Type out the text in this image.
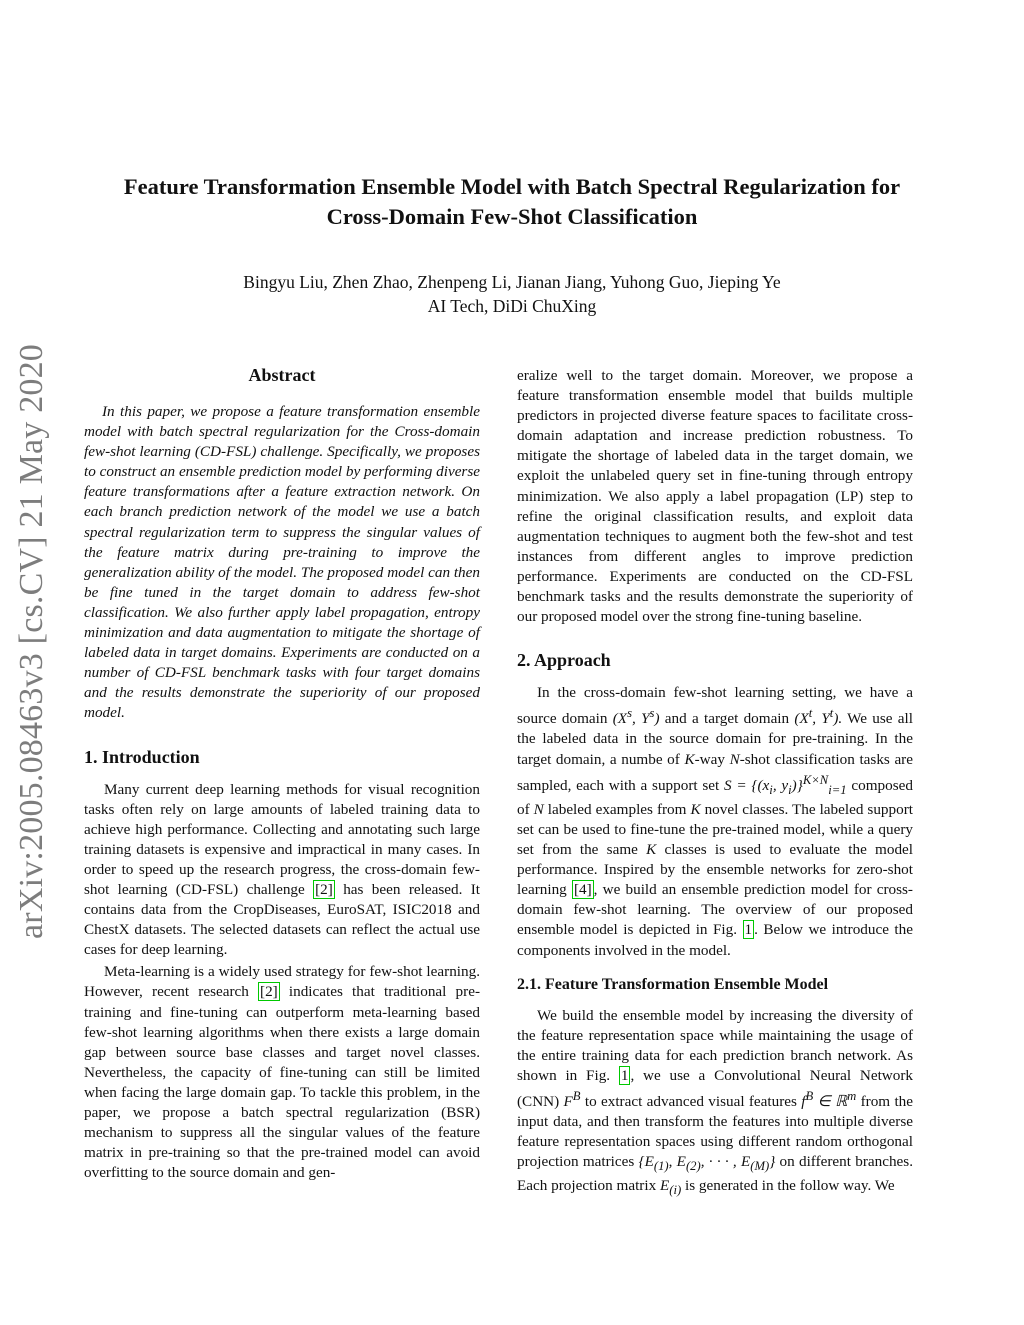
Feature Transformation Ensemble Model with Batch Spectral Regularization for
Cross-Domain Few-Shot Classification
Bingyu Liu, Zhen Zhao, Zhenpeng Li, Jianan Jiang, Yuhong Guo, Jieping Ye
AI Tech, DiDi ChuXing
arXiv:2005.08463v3 [cs.CV] 21 May 2020	Abstract

In this paper, we propose a feature transformation ensemble model with batch spectral regularization for the Cross-domain few-shot learning (CD-FSL) challenge. Specifically, we proposes to construct an ensemble prediction model by performing diverse feature transformations after a feature extraction network. On each branch prediction network of the model we use a batch spectral regularization term to suppress the singular values of the feature matrix during pre-training to improve the generalization ability of the model. The proposed model can then be fine tuned in the target domain to address few-shot classification. We also further apply label propagation, entropy minimization and data augmentation to mitigate the shortage of labeled data in target domains. Experiments are conducted on a number of CD-FSL benchmark tasks with four target domains and the results demonstrate the superiority of our proposed model.

1. Introduction

Many current deep learning methods for visual recognition tasks often rely on large amounts of labeled training data to achieve high performance. Collecting and annotating such large training datasets is expensive and impractical in many cases. In order to speed up the research progress, the cross-domain few-shot learning (CD-FSL) challenge [2] has been released. It contains data from the CropDiseases, EuroSAT, ISIC2018 and ChestX datasets. The selected datasets can reflect the actual use cases for deep learning.

Meta-learning is a widely used strategy for few-shot learning. However, recent research [2] indicates that traditional pre-training and fine-tuning can outperform meta-learning based few-shot learning algorithms when there exists a large domain gap between source base classes and target novel classes. Nevertheless, the capacity of fine-tuning can still be limited when facing the large domain gap. To tackle this problem, in the paper, we propose a batch spectral regularization (BSR) mechanism to suppress all the singular values of the feature matrix in pre-training so that the pre-trained model can avoid overfitting to the source domain and gen-

eralize well to the target domain. Moreover, we propose a feature transformation ensemble model that builds multiple predictors in projected diverse feature spaces to facilitate cross-domain adaptation and increase prediction robustness. To mitigate the shortage of labeled data in the target domain, we exploit the unlabeled query set in fine-tuning through entropy minimization. We also apply a label propagation (LP) step to refine the original classification results, and exploit data augmentation techniques to augment both the few-shot and test instances from different angles to improve prediction performance. Experiments are conducted on the CD-FSL benchmark tasks and the results demonstrate the superiority of our proposed model over the strong fine-tuning baseline.

2. Approach

In the cross-domain few-shot learning setting, we have a source domain ($X^s$, $Y^s$) and a target domain ($X^t$, $Y^t$). We use all the labeled data in the source domain for pre-training. In the target domain, a numbe of K-way N-shot classification tasks are sampled, each with a support set $S = \{(x_i$, $y_i)\}^{K\times N}_{i=1}$ composed of N labeled examples from K novel classes. The labeled support set can be used to fine-tune the pre-trained model, while a query set from the same K classes is used to evaluate the model performance. Inspired by the ensemble networks for zero-shot learning [4] , we build an ensemble prediction model for cross-domain few-shot learning. The overview of our proposed ensemble model is depicted in Fig. 1 . Below we introduce the components involved in the model.

2.1. Feature Transformation Ensemble Model

We build the ensemble model by increasing the diversity of the feature representation space while maintaining the usage of the entire training data for each prediction branch network. As shown in Fig. 1 , we use a Convolutional Neural Network (CNN) $F^B$ to extract advanced visual features $f^B$ ∈ ℝ$^m$ from the input data, and then transform the features into multiple diverse feature representation spaces using different random orthogonal projection matrices {$E_{(1)}$, $E_{(2)}$, · · · , $E_{(M)}$} on different branches. Each projection matrix $E_{(i)}$ is generated in the follow way. We
